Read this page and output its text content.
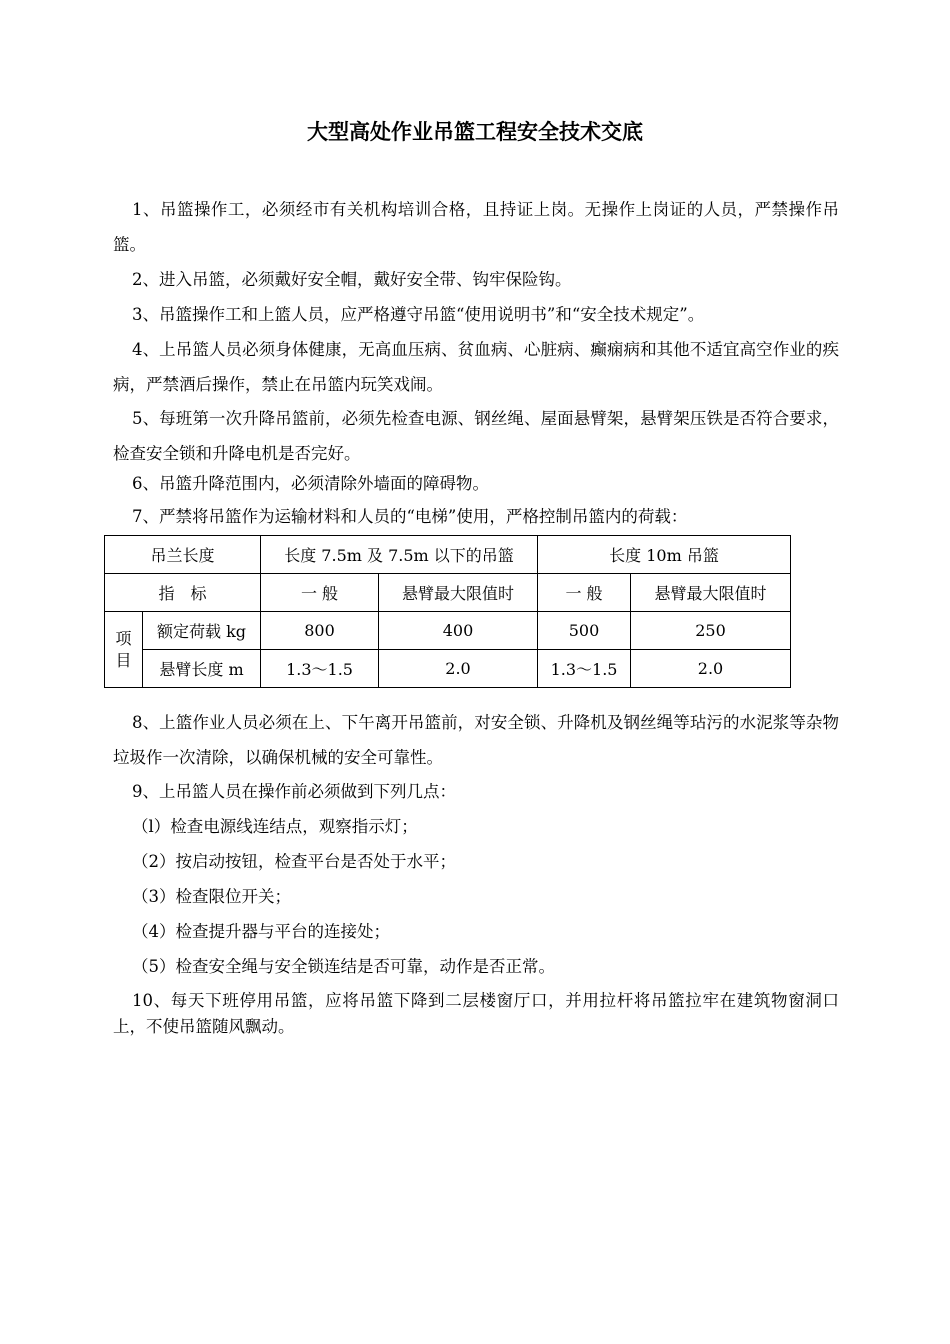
大型高处作业吊篮工程安全技术交底

1、吊篮操作工，必须经市有关机构培训合格，且持证上岗。无操作上岗证的人员，严禁操作吊篮。

2、进入吊篮，必须戴好安全帽，戴好安全带、钩牢保险钩。

3、吊篮操作工和上篮人员，应严格遵守吊篮“使用说明书”和“安全技术规定”。

4、上吊篮人员必须身体健康，无高血压病、贫血病、心脏病、癫痫病和其他不适宜高空作业的疾病，严禁酒后操作，禁止在吊篮内玩笑戏闹。

5、每班第一次升降吊篮前，必须先检查电源、钢丝绳、屋面悬臂架，悬臂架压铁是否符合要求，检查安全锁和升降电机是否完好。

6、吊篮升降范围内，必须清除外墙面的障碍物。

7、严禁将吊篮作为运输材料和人员的“电梯”使用，严格控制吊篮内的荷载：

吊兰长度		长度 7.5m 及 7.5m 以下的吊篮		长度 10m 吊篮	
指　标		一 般	悬臂最大限值时	一 般	悬臂最大限值时
项目	额定荷载 kg	800	400	500	250
	悬臂长度 m	1.3～1.5	2.0	1.3～1.5	2.0

8、上篮作业人员必须在上、下午离开吊篮前，对安全锁、升降机及钢丝绳等玷污的水泥浆等杂物垃圾作一次清除，以确保机械的安全可靠性。

9、上吊篮人员在操作前必须做到下列几点：

（l）检查电源线连结点，观察指示灯；

（2）按启动按钮，检查平台是否处于水平；

（3）检查限位开关；

（4）检查提升器与平台的连接处；

（5）检查安全绳与安全锁连结是否可靠，动作是否正常。

10、每天下班停用吊篮，应将吊篮下降到二层楼窗厅口，并用拉杆将吊篮拉牢在建筑物窗洞口上，不使吊篮随风飘动。
